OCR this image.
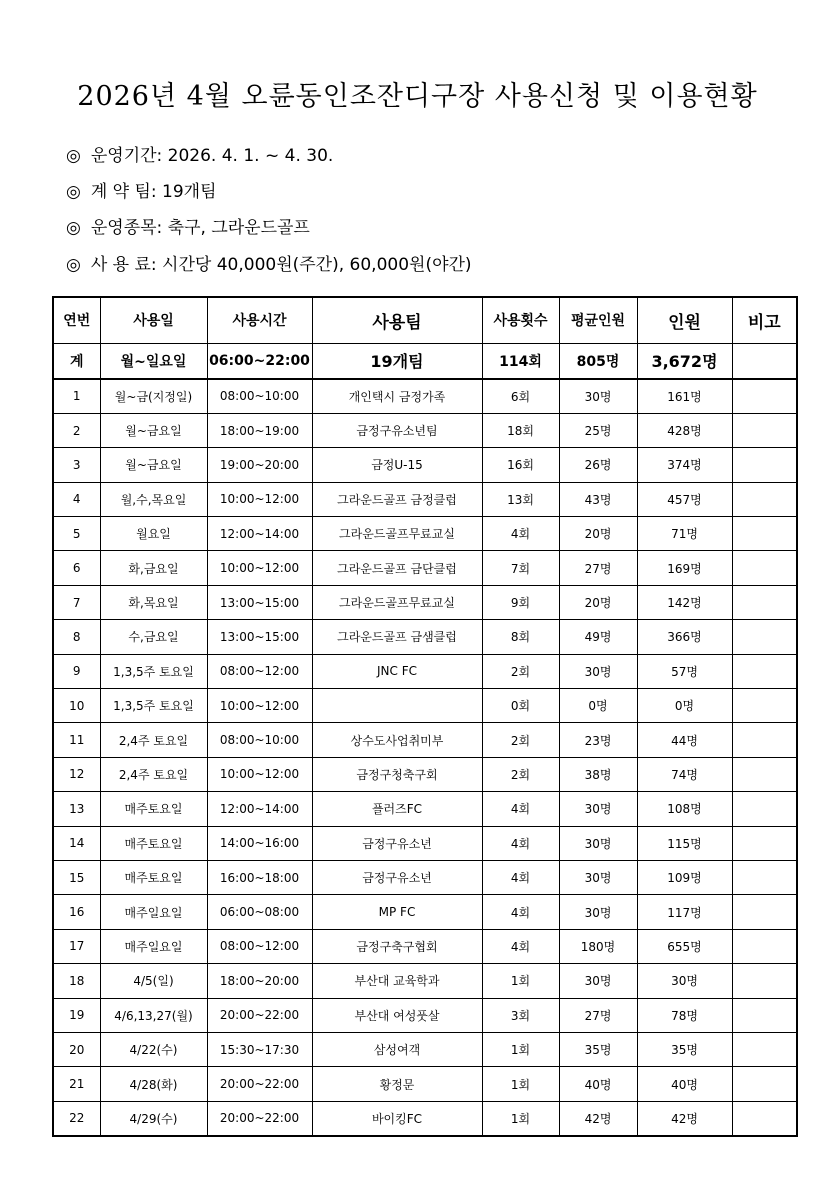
2026년 4월 오륜동인조잔디구장 사용신청 및 이용현황
◎ 운영기간: 2026. 4. 1. ~ 4. 30.
◎ 계 약 팀: 19개팀
◎ 운영종목: 축구, 그라운드골프
◎ 사 용 료: 시간당 40,000원(주간), 60,000원(야간)
연번	사용일	사용시간	사용팀	사용횟수	평균인원	인원	비고
계	월~일요일	06:00~22:00	19개팀	114회	805명	3,672명	
1	월~금(지정일)	08:00~10:00	개인택시 금정가족	6회	30명	161명	
2	월~금요일	18:00~19:00	금정구유소년팀	18회	25명	428명	
3	월~금요일	19:00~20:00	금정U-15	16회	26명	374명	
4	월,수,목요일	10:00~12:00	그라운드골프 금정클럽	13회	43명	457명	
5	월요일	12:00~14:00	그라운드골프무료교실	4회	20명	71명	
6	화,금요일	10:00~12:00	그라운드골프 금단클럽	7회	27명	169명	
7	화,목요일	13:00~15:00	그라운드골프무료교실	9회	20명	142명	
8	수,금요일	13:00~15:00	그라운드골프 금샘클럽	8회	49명	366명	
9	1,3,5주 토요일	08:00~12:00	JNC FC	2회	30명	57명	
10	1,3,5주 토요일	10:00~12:00		0회	0명	0명	
11	2,4주 토요일	08:00~10:00	상수도사업취미부	2회	23명	44명	
12	2,4주 토요일	10:00~12:00	금정구청축구회	2회	38명	74명	
13	매주토요일	12:00~14:00	플러즈FC	4회	30명	108명	
14	매주토요일	14:00~16:00	금정구유소년	4회	30명	115명	
15	매주토요일	16:00~18:00	금정구유소년	4회	30명	109명	
16	매주일요일	06:00~08:00	MP FC	4회	30명	117명	
17	매주일요일	08:00~12:00	금정구축구협회	4회	180명	655명	
18	4/5(일)	18:00~20:00	부산대 교육학과	1회	30명	30명	
19	4/6,13,27(월)	20:00~22:00	부산대 여성풋살	3회	27명	78명	
20	4/22(수)	15:30~17:30	삼성여객	1회	35명	35명	
21	4/28(화)	20:00~22:00	황정문	1회	40명	40명	
22	4/29(수)	20:00~22:00	바이킹FC	1회	42명	42명	
